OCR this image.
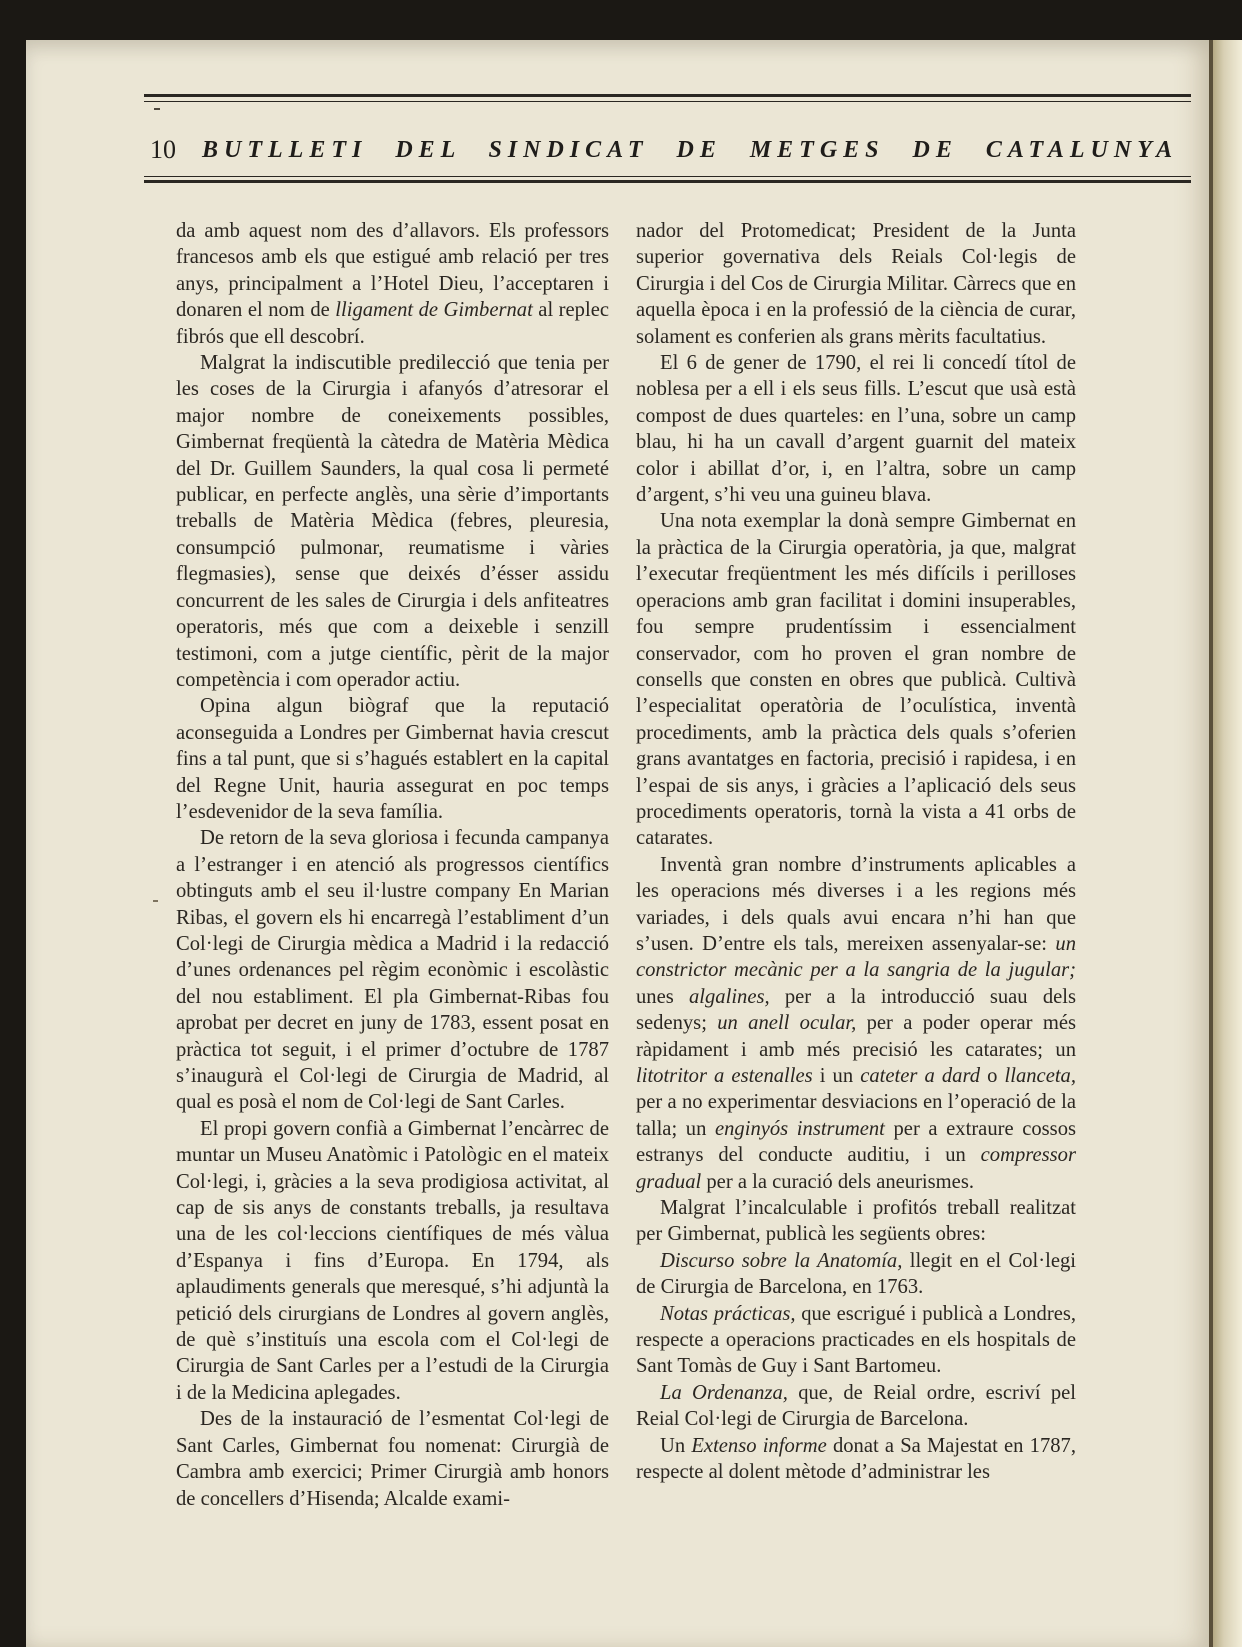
10	BUTLLETI DEL SINDICAT DE METGES DE CATALUNYA

da amb aquest nom des d’allavors. Els professors francesos amb els que estigué amb relació per tres anys, principalment a l’Hotel Dieu, l’acceptaren i donaren el nom de lligament de Gimbernat al replec fibrós que ell descobrí.

Malgrat la indiscutible predilecció que tenia per les coses de la Cirurgia i afanyós d’atresorar el major nombre de coneixements possibles, Gimbernat freqüentà la càtedra de Matèria Mèdica del Dr. Guillem Saunders, la qual cosa li permeté publicar, en perfecte anglès, una sèrie d’importants treballs de Matèria Mèdica (febres, pleuresia, consumpció pulmonar, reumatisme i vàries flegmasies), sense que deixés d’ésser assidu concurrent de les sales de Cirurgia i dels anfiteatres operatoris, més que com a deixeble i senzill testimoni, com a jutge científic, pèrit de la major competència i com operador actiu.

Opina algun biògraf que la reputació aconseguida a Londres per Gimbernat havia crescut fins a tal punt, que si s’hagués establert en la capital del Regne Unit, hauria assegurat en poc temps l’esdevenidor de la seva família.

De retorn de la seva gloriosa i fecunda campanya a l’estranger i en atenció als progressos científics obtinguts amb el seu il·lustre company En Marian Ribas, el govern els hi encarregà l’establiment d’un Col·legi de Cirurgia mèdica a Madrid i la redacció d’unes ordenances pel règim econòmic i escolàstic del nou establiment. El pla Gimbernat-Ribas fou aprobat per decret en juny de 1783, essent posat en pràctica tot seguit, i el primer d’octubre de 1787 s’inaugurà el Col·legi de Cirurgia de Madrid, al qual es posà el nom de Col·legi de Sant Carles.

El propi govern confià a Gimbernat l’encàrrec de muntar un Museu Anatòmic i Patològic en el mateix Col·legi, i, gràcies a la seva prodigiosa activitat, al cap de sis anys de constants treballs, ja resultava una de les col·leccions científiques de més vàlua d’Espanya i fins d’Europa. En 1794, als aplaudiments generals que meresqué, s’hi adjuntà la petició dels cirurgians de Londres al govern anglès, de què s’instituís una escola com el Col·legi de Cirurgia de Sant Carles per a l’estudi de la Cirurgia i de la Medicina aplegades.

Des de la instauració de l’esmentat Col·legi de Sant Carles, Gimbernat fou nomenat: Cirurgià de Cambra amb exercici; Primer Cirurgià amb honors de concellers d’Hisenda; Alcalde exami-

nador del Protomedicat; President de la Junta superior governativa dels Reials Col·legis de Cirurgia i del Cos de Cirurgia Militar. Càrrecs que en aquella època i en la professió de la ciència de curar, solament es conferien als grans mèrits facultatius.

El 6 de gener de 1790, el rei li concedí títol de noblesa per a ell i els seus fills. L’escut que usà està compost de dues quarteles: en l’una, sobre un camp blau, hi ha un cavall d’argent guarnit del mateix color i abillat d’or, i, en l’altra, sobre un camp d’argent, s’hi veu una guineu blava.

Una nota exemplar la donà sempre Gimbernat en la pràctica de la Cirurgia operatòria, ja que, malgrat l’executar freqüentment les més difícils i perilloses operacions amb gran facilitat i domini insuperables, fou sempre prudentíssim i essencialment conservador, com ho proven el gran nombre de consells que consten en obres que publicà. Cultivà l’especialitat operatòria de l’oculística, inventà procediments, amb la pràctica dels quals s’oferien grans avantatges en factoria, precisió i rapidesa, i en l’espai de sis anys, i gràcies a l’aplicació dels seus procediments operatoris, tornà la vista a 41 orbs de catarates.

Inventà gran nombre d’instruments aplicables a les operacions més diverses i a les regions més variades, i dels quals avui encara n’hi han que s’usen. D’entre els tals, mereixen assenyalar-se: un constrictor mecànic per a la sangria de la jugular; unes algalines, per a la introducció suau dels sedenys; un anell ocular, per a poder operar més ràpidament i amb més precisió les catarates; un litotritor a estenalles i un cateter a dard o llanceta, per a no experimentar desviacions en l’operació de la talla; un enginyós instrument per a extraure cossos estranys del conducte auditiu, i un compressor gradual per a la curació dels aneurismes.

Malgrat l’incalculable i profitós treball realitzat per Gimbernat, publicà les següents obres:

Discurso sobre la Anatomía, llegit en el Col·legi de Cirurgia de Barcelona, en 1763.

Notas prácticas, que escrigué i publicà a Londres, respecte a operacions practicades en els hospitals de Sant Tomàs de Guy i Sant Bartomeu.

La Ordenanza, que, de Reial ordre, escriví pel Reial Col·legi de Cirurgia de Barcelona.

Un Extenso informe donat a Sa Majestat en 1787, respecte al dolent mètode d’administrar les
